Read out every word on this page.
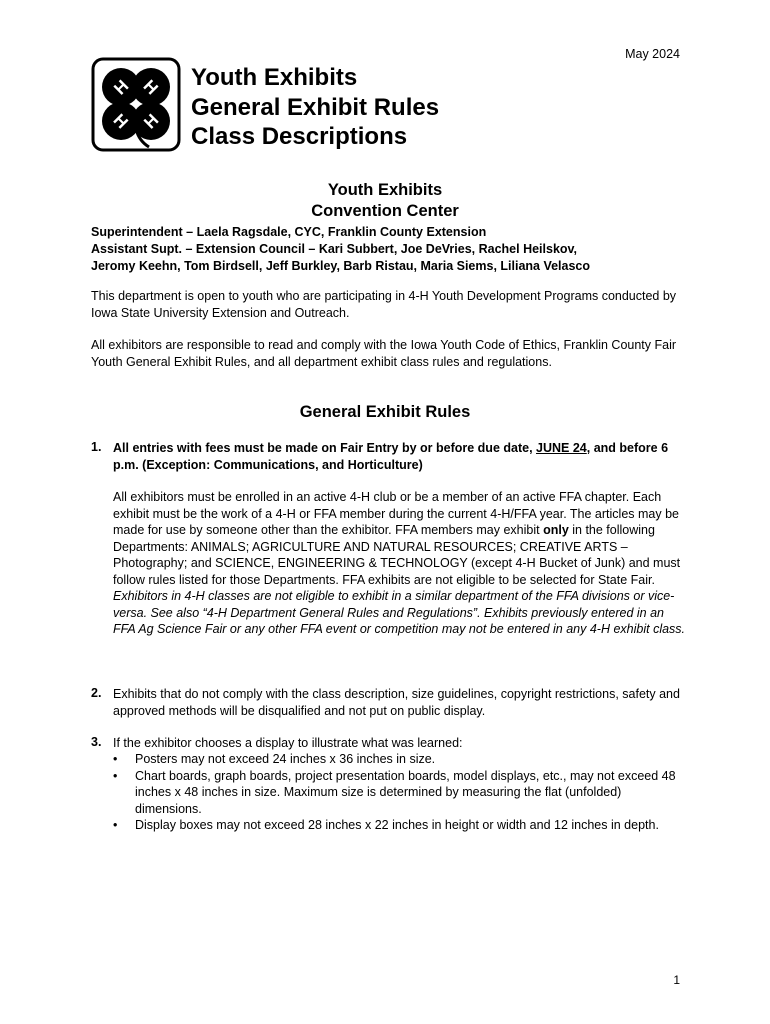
May 2024
H H
H H
Youth Exhibits
General Exhibit Rules
Class Descriptions
Youth Exhibits
Convention Center
Superintendent – Laela Ragsdale, CYC, Franklin County Extension
Assistant Supt. – Extension Council – Kari Subbert, Joe DeVries, Rachel Heilskov,
Jeromy Keehn, Tom Birdsell, Jeff Burkley, Barb Ristau, Maria Siems, Liliana Velasco

This department is open to youth who are participating in 4-H Youth Development Programs conducted by Iowa State University Extension and Outreach.

All exhibitors are responsible to read and comply with the Iowa Youth Code of Ethics, Franklin County Fair Youth General Exhibit Rules, and all department exhibit class rules and regulations.

General Exhibit Rules
1. All entries with fees must be made on Fair Entry by or before due date, JUNE 24, and before 6 p.m. (Exception: Communications, and Horticulture)
All exhibitors must be enrolled in an active 4-H club or be a member of an active FFA chapter. Each exhibit must be the work of a 4-H or FFA member during the current 4-H/FFA year. The articles may be made for use by someone other than the exhibitor. FFA members may exhibit only in the following Departments: ANIMALS; AGRICULTURE AND NATURAL RESOURCES; CREATIVE ARTS – Photography; and SCIENCE, ENGINEERING & TECHNOLOGY (except 4-H Bucket of Junk) and must follow rules listed for those Departments. FFA exhibits are not eligible to be selected for State Fair. Exhibitors in 4-H classes are not eligible to exhibit in a similar department of the FFA divisions or vice-versa. See also “4-H Department General Rules and Regulations”. Exhibits previously entered in an FFA Ag Science Fair or any other FFA event or competition may not be entered in any 4-H exhibit class.
2. Exhibits that do not comply with the class description, size guidelines, copyright restrictions, safety and approved methods will be disqualified and not put on public display.
3. If the exhibitor chooses a display to illustrate what was learned:
•	Posters may not exceed 24 inches x 36 inches in size.
•	Chart boards, graph boards, project presentation boards, model displays, etc., may not exceed 48 inches x 48 inches in size. Maximum size is determined by measuring the flat (unfolded) dimensions.
•	Display boxes may not exceed 28 inches x 22 inches in height or width and 12 inches in depth.
1
